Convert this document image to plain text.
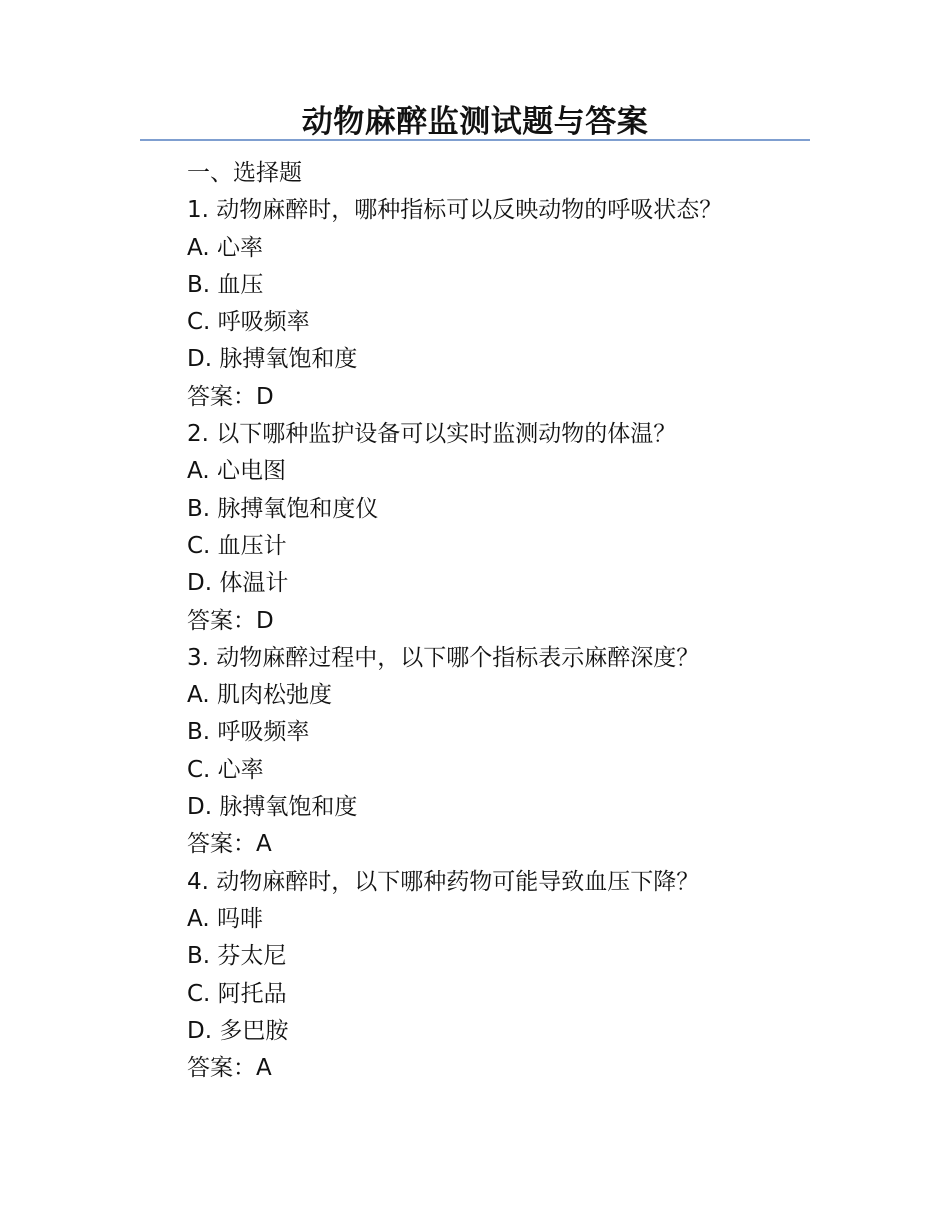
动物麻醉监测试题与答案
一、选择题
1. 动物麻醉时，哪种指标可以反映动物的呼吸状态？
A. 心率
B. 血压
C. 呼吸频率
D. 脉搏氧饱和度
答案：D
2. 以下哪种监护设备可以实时监测动物的体温？
A. 心电图
B. 脉搏氧饱和度仪
C. 血压计
D. 体温计
答案：D
3. 动物麻醉过程中，以下哪个指标表示麻醉深度？
A. 肌肉松弛度
B. 呼吸频率
C. 心率
D. 脉搏氧饱和度
答案：A
4. 动物麻醉时，以下哪种药物可能导致血压下降？
A. 吗啡
B. 芬太尼
C. 阿托品
D. 多巴胺
答案：A
